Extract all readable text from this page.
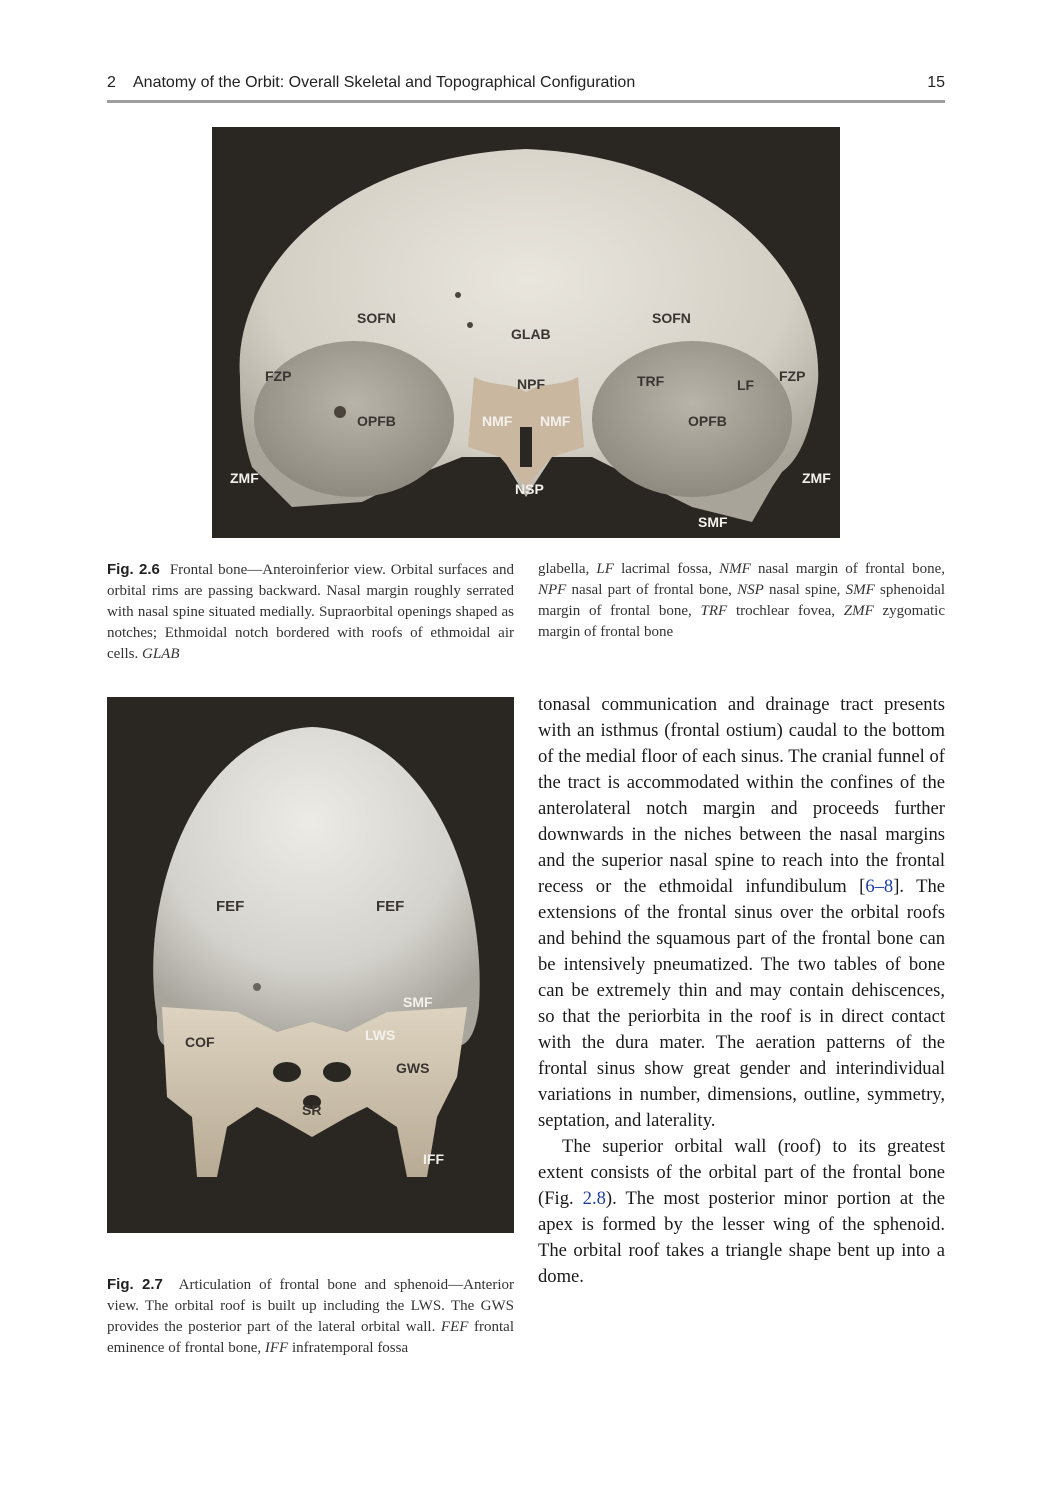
2 Anatomy of the Orbit: Overall Skeletal and Topographical Configuration	15
SOFN	SOFN
GLAB
FZP	FZP
NPF	TRF	LF
OPFB	OPFB
NMF NMF
ZMF	ZMF
NSP
SMF
Fig. 2.6 Frontal bone—Anteroinferior view. Orbital surfaces and orbital rims are passing backward. Nasal margin roughly serrated with nasal spine situated medially. Supraorbital openings shaped as notches; Ethmoidal notch bordered with roofs of ethmoidal air cells. GLAB
glabella, LF lacrimal fossa, NMF nasal margin of frontal bone, NPF nasal part of frontal bone, NSP nasal spine, SMF sphenoidal margin of frontal bone, TRF trochlear fovea, ZMF zygomatic margin of frontal bone
FEF	FEF
SMF
LWS
COF
GWS
SR
IFF
Fig. 2.7 Articulation of frontal bone and sphenoid—Anterior view. The orbital roof is built up including the LWS. The GWS provides the posterior part of the lateral orbital wall. FEF frontal eminence of frontal bone, IFF infratemporal fossa

tonasal communication and drainage tract presents with an isthmus (frontal ostium) caudal to the bottom of the medial floor of each sinus. The cranial funnel of the tract is accommodated within the confines of the anterolateral notch margin and proceeds further downwards in the niches between the nasal margins and the superior nasal spine to reach into the frontal recess or the ethmoidal infundibulum [6–8]. The extensions of the frontal sinus over the orbital roofs and behind the squamous part of the frontal bone can be intensively pneumatized. The two tables of bone can be extremely thin and may contain dehiscences, so that the periorbita in the roof is in direct contact with the dura mater. The aeration patterns of the frontal sinus show great gender and interindividual variations in number, dimensions, outline, symmetry, septation, and laterality.

The superior orbital wall (roof) to its greatest extent consists of the orbital part of the frontal bone (Fig. 2.8). The most posterior minor portion at the apex is formed by the lesser wing of the sphenoid. The orbital roof takes a triangle shape bent up into a dome.
